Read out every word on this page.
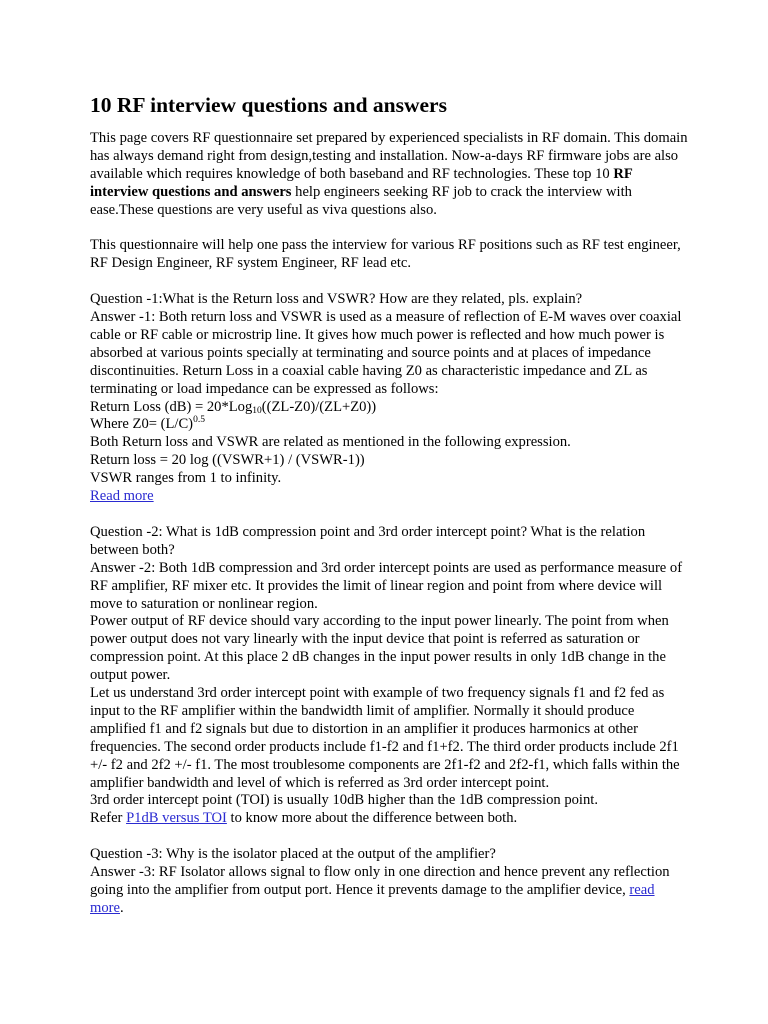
10 RF interview questions and answers

This page covers RF questionnaire set prepared by experienced specialists in RF domain. This domain has always demand right from design,testing and installation. Now-a-days RF firmware jobs are also available which requires knowledge of both baseband and RF technologies. These top 10 RF interview questions and answers help engineers seeking RF job to crack the interview with ease.These questions are very useful as viva questions also.

This questionnaire will help one pass the interview for various RF positions such as RF test engineer, RF Design Engineer, RF system Engineer, RF lead etc.

Question -1:What is the Return loss and VSWR? How are they related, pls. explain?
Answer -1: Both return loss and VSWR is used as a measure of reflection of E-M waves over coaxial cable or RF cable or microstrip line. It gives how much power is reflected and how much power is absorbed at various points specially at terminating and source points and at places of impedance discontinuities. Return Loss in a coaxial cable having Z0 as characteristic impedance and ZL as terminating or load impedance can be expressed as follows:
Return Loss (dB) = 20*Log$_{10}$((ZL-Z0)/(ZL+Z0))
Where $Z0= (L/C)^{0.5}$
Both Return loss and VSWR are related as mentioned in the following expression.
Return loss = 20 log ((VSWR+1) / (VSWR-1))
VSWR ranges from 1 to infinity.
Read more

Question -2: What is 1dB compression point and 3rd order intercept point? What is the relation between both?
Answer -2: Both 1dB compression and 3rd order intercept points are used as performance measure of RF amplifier, RF mixer etc. It provides the limit of linear region and point from where device will move to saturation or nonlinear region.
Power output of RF device should vary according to the input power linearly. The point from when power output does not vary linearly with the input device that point is referred as saturation or compression point. At this place 2 dB changes in the input power results in only 1dB change in the output power.
Let us understand 3rd order intercept point with example of two frequency signals f1 and f2 fed as input to the RF amplifier within the bandwidth limit of amplifier. Normally it should produce amplified f1 and f2 signals but due to distortion in an amplifier it produces harmonics at other frequencies. The second order products include f1-f2 and f1+f2. The third order products include 2f1 +/- f2 and 2f2 +/- f1. The most troublesome components are 2f1-f2 and 2f2-f1, which falls within the amplifier bandwidth and level of which is referred as 3rd order intercept point.
3rd order intercept point (TOI) is usually 10dB higher than the 1dB compression point.
Refer P1dB versus TOI to know more about the difference between both.

Question -3: Why is the isolator placed at the output of the amplifier?
Answer -3: RF Isolator allows signal to flow only in one direction and hence prevent any reflection going into the amplifier from output port. Hence it prevents damage to the amplifier device, read more.
